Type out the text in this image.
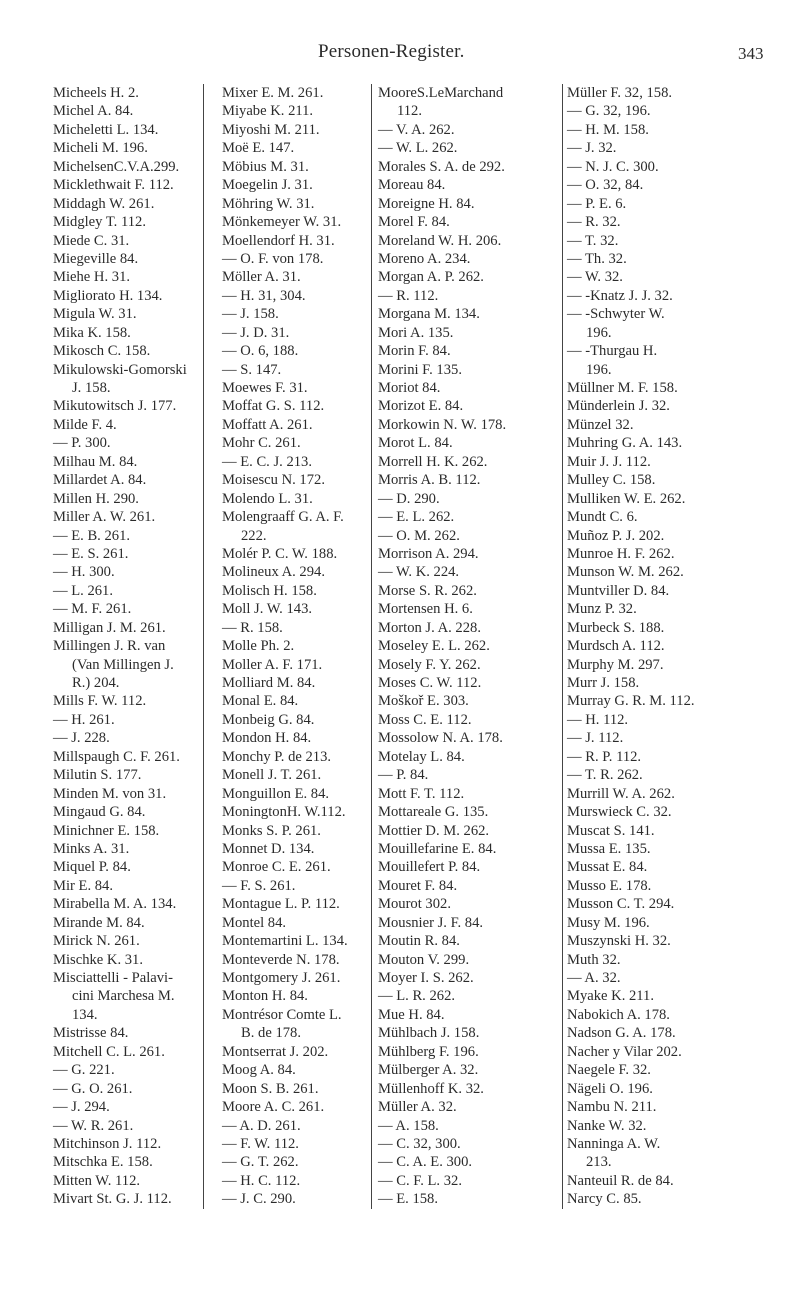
Personen-Register.	343
Micheels H. 2.
Michel A. 84.
Micheletti L. 134.
Micheli M. 196.
MichelsenC.V.A.299.
Micklethwait F. 112.
Middagh W. 261.
Midgley T. 112.
Miede C. 31.
Miegeville 84.
Miehe H. 31.
Migliorato H. 134.
Migula W. 31.
Mika K. 158.
Mikosch C. 158.
Mikulowski-Gomorski
J. 158.
Mikutowitsch J. 177.
Milde F. 4.
— P. 300.
Milhau M. 84.
Millardet A. 84.
Millen H. 290.
Miller A. W. 261.
— E. B. 261.
— E. S. 261.
— H. 300.
— L. 261.
— M. F. 261.
Milligan J. M. 261.
Millingen J. R. van
(Van Millingen J.
R.) 204.
Mills F. W. 112.
— H. 261.
— J. 228.
Millspaugh C. F. 261.
Milutin S. 177.
Minden M. von 31.
Mingaud G. 84.
Minichner E. 158.
Minks A. 31.
Miquel P. 84.
Mir E. 84.
Mirabella M. A. 134.
Mirande M. 84.
Mirick N. 261.
Mischke K. 31.
Misciattelli - Palavi-
cini Marchesa M.
134.
Mistrisse 84.
Mitchell C. L. 261.
— G. 221.
— G. O. 261.
— J. 294.
— W. R. 261.
Mitchinson J. 112.
Mitschka E. 158.
Mitten W. 112.
Mivart St. G. J. 112.
Mixer E. M. 261.
Miyabe K. 211.
Miyoshi M. 211.
Moë E. 147.
Möbius M. 31.
Moegelin J. 31.
Möhring W. 31.
Mönkemeyer W. 31.
Moellendorf H. 31.
— O. F. von 178.
Möller A. 31.
— H. 31, 304.
— J. 158.
— J. D. 31.
— O. 6, 188.
— S. 147.
Moewes F. 31.
Moffat G. S. 112.
Moffatt A. 261.
Mohr C. 261.
— E. C. J. 213.
Moisescu N. 172.
Molendo L. 31.
Molengraaff G. A. F.
222.
Molér P. C. W. 188.
Molineux A. 294.
Molisch H. 158.
Moll J. W. 143.
— R. 158.
Molle Ph. 2.
Moller A. F. 171.
Molliard M. 84.
Monal E. 84.
Monbeig G. 84.
Mondon H. 84.
Monchy P. de 213.
Monell J. T. 261.
Monguillon E. 84.
MoningtonH. W.112.
Monks S. P. 261.
Monnet D. 134.
Monroe C. E. 261.
— F. S. 261.
Montague L. P. 112.
Montel 84.
Montemartini L. 134.
Monteverde N. 178.
Montgomery J. 261.
Monton H. 84.
Montrésor Comte L.
B. de 178.
Montserrat J. 202.
Moog A. 84.
Moon S. B. 261.
Moore A. C. 261.
— A. D. 261.
— F. W. 112.
— G. T. 262.
— H. C. 112.
— J. C. 290.
MooreS.LeMarchand
112.
— V. A. 262.
— W. L. 262.
Morales S. A. de 292.
Moreau 84.
Moreigne H. 84.
Morel F. 84.
Moreland W. H. 206.
Moreno A. 234.
Morgan A. P. 262.
— R. 112.
Morgana M. 134.
Mori A. 135.
Morin F. 84.
Morini F. 135.
Moriot 84.
Morizot E. 84.
Morkowin N. W. 178.
Morot L. 84.
Morrell H. K. 262.
Morris A. B. 112.
— D. 290.
— E. L. 262.
— O. M. 262.
Morrison A. 294.
— W. K. 224.
Morse S. R. 262.
Mortensen H. 6.
Morton J. A. 228.
Moseley E. L. 262.
Mosely F. Y. 262.
Moses C. W. 112.
Moškoř E. 303.
Moss C. E. 112.
Mossolow N. A. 178.
Motelay L. 84.
— P. 84.
Mott F. T. 112.
Mottareale G. 135.
Mottier D. M. 262.
Mouillefarine E. 84.
Mouillefert P. 84.
Mouret F. 84.
Mourot 302.
Mousnier J. F. 84.
Moutin R. 84.
Mouton V. 299.
Moyer I. S. 262.
— L. R. 262.
Mue H. 84.
Mühlbach J. 158.
Mühlberg F. 196.
Mülberger A. 32.
Müllenhoff K. 32.
Müller A. 32.
— A. 158.
— C. 32, 300.
— C. A. E. 300.
— C. F. L. 32.
— E. 158.
Müller F. 32, 158.
— G. 32, 196.
— H. M. 158.
— J. 32.
— N. J. C. 300.
— O. 32, 84.
— P. E. 6.
— R. 32.
— T. 32.
— Th. 32.
— W. 32.
— -Knatz J. J. 32.
— -Schwyter W.
196.
— -Thurgau H.
196.
Müllner M. F. 158.
Münderlein J. 32.
Münzel 32.
Muhring G. A. 143.
Muir J. J. 112.
Mulley C. 158.
Mulliken W. E. 262.
Mundt C. 6.
Muñoz P. J. 202.
Munroe H. F. 262.
Munson W. M. 262.
Muntviller D. 84.
Munz P. 32.
Murbeck S. 188.
Murdsch A. 112.
Murphy M. 297.
Murr J. 158.
Murray G. R. M. 112.
— H. 112.
— J. 112.
— R. P. 112.
— T. R. 262.
Murrill W. A. 262.
Murswieck C. 32.
Muscat S. 141.
Mussa E. 135.
Mussat E. 84.
Musso E. 178.
Musson C. T. 294.
Musy M. 196.
Muszynski H. 32.
Muth 32.
— A. 32.
Myake K. 211.
Nabokich A. 178.
Nadson G. A. 178.
Nacher y Vilar 202.
Naegele F. 32.
Nägeli O. 196.
Nambu N. 211.
Nanke W. 32.
Nanninga A. W.
213.
Nanteuil R. de 84.
Narcy C. 85.
